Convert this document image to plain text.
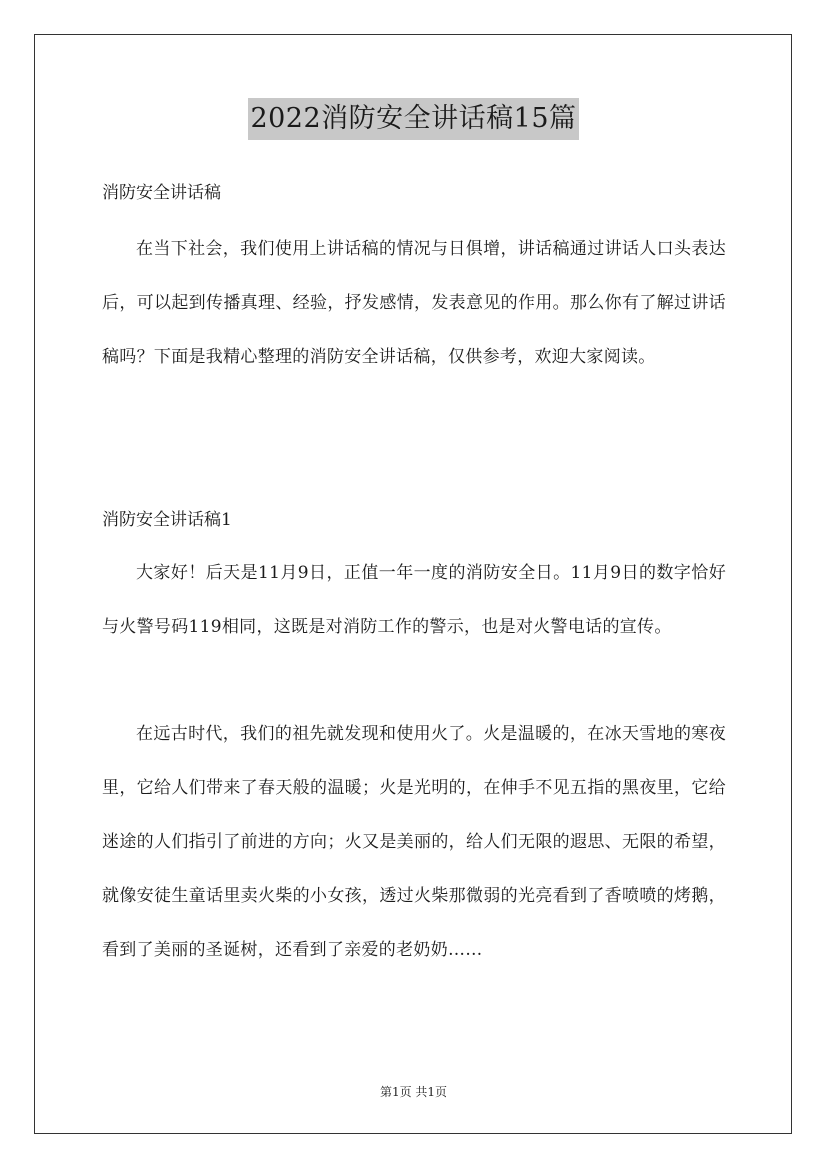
2022消防安全讲话稿15篇
消防安全讲话稿

在当下社会，我们使用上讲话稿的情况与日俱增，讲话稿通过讲话人口头表达后，可以起到传播真理、经验，抒发感情，发表意见的作用。那么你有了解过讲话稿吗？下面是我精心整理的消防安全讲话稿，仅供参考，欢迎大家阅读。

消防安全讲话稿1

大家好！后天是11月9日，正值一年一度的消防安全日。11月9日的数字恰好与火警号码119相同，这既是对消防工作的警示，也是对火警电话的宣传。

在远古时代，我们的祖先就发现和使用火了。火是温暖的，在冰天雪地的寒夜里，它给人们带来了春天般的温暖；火是光明的，在伸手不见五指的黑夜里，它给迷途的人们指引了前进的方向；火又是美丽的，给人们无限的遐思、无限的希望，就像安徒生童话里卖火柴的小女孩，透过火柴那微弱的光亮看到了香喷喷的烤鹅，看到了美丽的圣诞树，还看到了亲爱的老奶奶……

第1页 共1页
